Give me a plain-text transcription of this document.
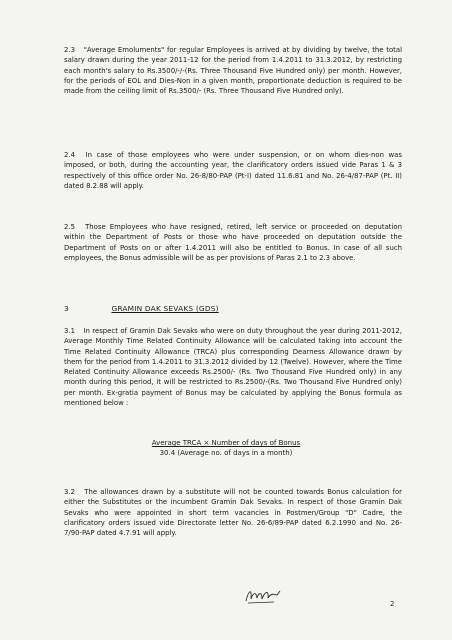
2.3 "Average Emoluments" for regular Employees is arrived at by dividing by twelve, the total salary drawn during the year 2011-12 for the period from 1.4.2011 to 31.3.2012, by restricting each month's salary to Rs.3500/-/-(Rs. Three Thousand Five Hundred only) per month. However, for the periods of EOL and Dies-Non in a given month, proportionate deduction is required to be made from the ceiling limit of Rs.3500/- (Rs. Three Thousand Five Hundred only).

2.4 In case of those employees who were under suspension, or on whom dies-non was imposed, or both, during the accounting year, the clarificatory orders issued vide Paras 1 & 3 respectively of this office order No. 26-8/80-PAP (Pt-I) dated 11.6.81 and No. 26-4/87-PAP (Pt. II) dated 8.2.88 will apply.

2.5 Those Employees who have resigned, retired, left service or proceeded on deputation within the Department of Posts or those who have proceeded on deputation outside the Department of Posts on or after 1.4.2011 will also be entitled to Bonus. In case of all such employees, the Bonus admissible will be as per provisions of Paras 2.1 to 2.3 above.

3	GRAMIN DAK SEVAKS (GDS)

3.1 In respect of Gramin Dak Sevaks who were on duty throughout the year during 2011-2012, Average Monthly Time Related Continuity Allowance will be calculated taking into account the Time Related Continuity Allowance (TRCA) plus corresponding Dearness Allowance drawn by them for the period from 1.4.2011 to 31.3.2012 divided by 12 (Twelve). However, where the Time Related Continuity Allowance exceeds Rs.2500/- (Rs. Two Thousand Five Hundred only) in any month during this period, it will be restricted to Rs.2500/-(Rs. Two Thousand Five Hundred only) per month. Ex-gratia payment of Bonus may be calculated by applying the Bonus formula as mentioned below :

Average TRCA × Number of days of Bonus
30.4 (Average no. of days in a month)

3.2 The allowances drawn by a substitute will not be counted towards Bonus calculation for either the Substitutes or the incumbent Gramin Dak Sevaks. In respect of those Gramin Dak Sevaks who were appointed in short term vacancies in Postmen/Group "D" Cadre, the clarificatory orders issued vide Directorate letter No. 26-6/89-PAP dated 6.2.1990 and No. 26-7/90-PAP dated 4.7.91 will apply.

2
